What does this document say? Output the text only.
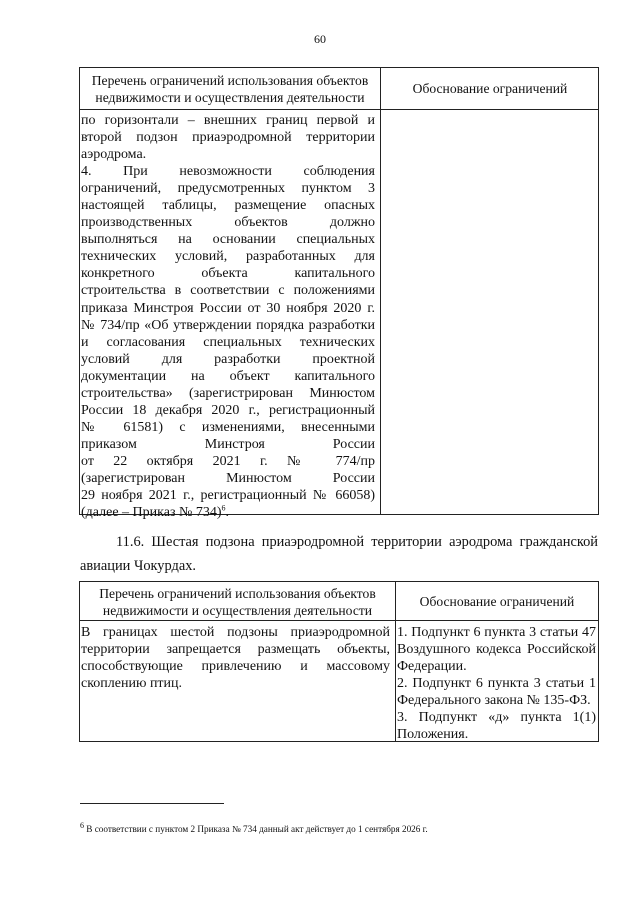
60
Перечень ограничений использования объектов недвижимости и осуществления деятельности
Обоснование ограничений
по горизонтали – внешних границ первой и
второй подзон приаэродромной территории
аэродрома.
4. При невозможности соблюдения
ограничений, предусмотренных пунктом 3
настоящей таблицы, размещение опасных
производственных объектов должно
выполняться на основании специальных
технических условий, разработанных для
конкретного объекта капитального
строительства в соответствии с положениями
приказа Минстроя России от 30 ноября 2020 г.
№ 734/пр «Об утверждении порядка разработки
и согласования специальных технических
условий для разработки проектной
документации на объект капитального
строительства» (зарегистрирован Минюстом
России 18 декабря 2020 г., регистрационный
№ 61581) с изменениями, внесенными
приказом Минстроя России
от 22 октября 2021 г. № 774/пр
(зарегистрирован Минюстом России
29 ноября 2021 г., регистрационный № 66058)
(далее – Приказ № 734)$^6$.
11.6. Шестая подзона приаэродромной территории аэродрома гражданской
авиации Чокурдах.
Перечень ограничений использования объектов недвижимости и осуществления деятельности
Обоснование ограничений
В границах шестой подзоны приаэродромной
территории запрещается размещать объекты,
способствующие привлечению и массовому
скоплению птиц.
1. Подпункт 6 пункта 3 статьи 47
Воздушного кодекса Российской
Федерации.
2. Подпункт 6 пункта 3 статьи 1
Федерального закона № 135-ФЗ.
3. Подпункт «д» пункта 1(1)
Положения.
$^6$ В соответствии с пунктом 2 Приказа № 734 данный акт действует до 1 сентября 2026 г.
